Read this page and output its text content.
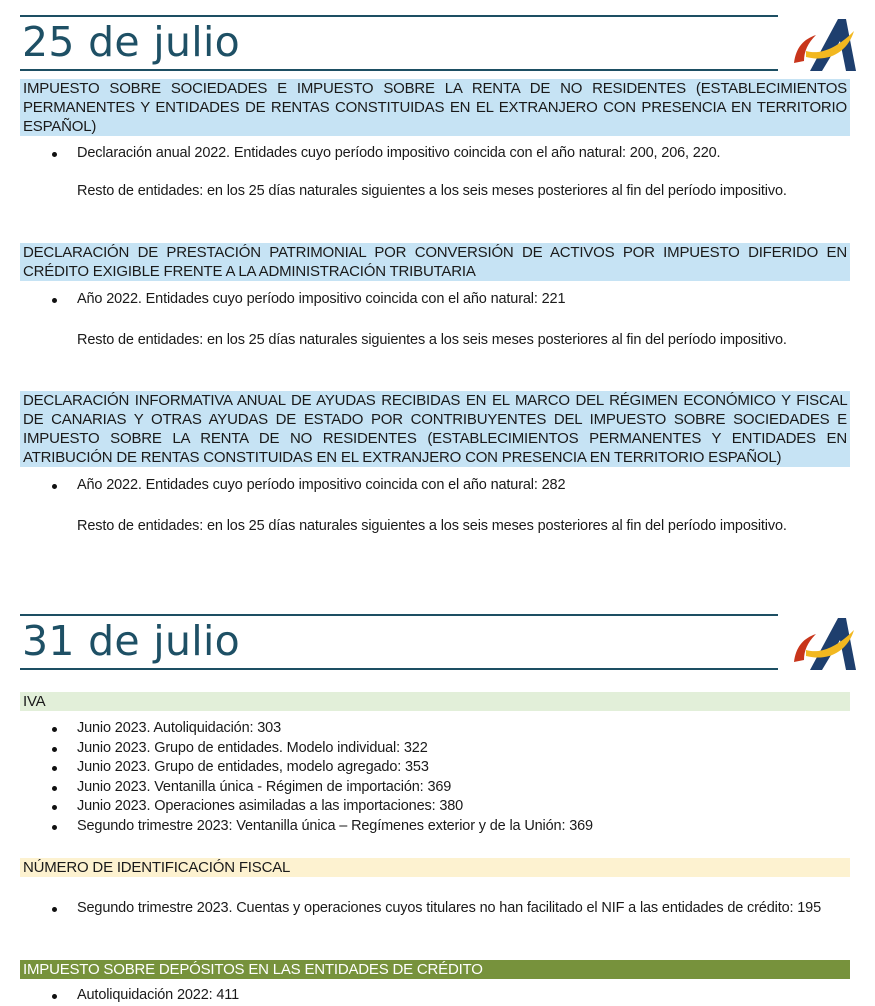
25 de julio
IMPUESTO SOBRE SOCIEDADES E IMPUESTO SOBRE LA RENTA DE NO RESIDENTES (ESTABLECIMIENTOS PERMANENTES Y ENTIDADES DE RENTAS CONSTITUIDAS EN EL EXTRANJERO CON PRESENCIA EN TERRITORIO
ESPAÑOL)
Declaración anual 2022. Entidades cuyo período impositivo coincida con el año natural: 200, 206, 220.
Resto de entidades: en los 25 días naturales siguientes a los seis meses posteriores al fin del período impositivo.
DECLARACIÓN DE PRESTACIÓN PATRIMONIAL POR CONVERSIÓN DE ACTIVOS POR IMPUESTO DIFERIDO EN
CRÉDITO EXIGIBLE FRENTE A LA ADMINISTRACIÓN TRIBUTARIA
Año 2022. Entidades cuyo período impositivo coincida con el año natural: 221
Resto de entidades: en los 25 días naturales siguientes a los seis meses posteriores al fin del período impositivo.
DECLARACIÓN INFORMATIVA ANUAL DE AYUDAS RECIBIDAS EN EL MARCO DEL RÉGIMEN ECONÓMICO Y FISCAL DE CANARIAS Y OTRAS AYUDAS DE ESTADO POR CONTRIBUYENTES DEL IMPUESTO SOBRE SOCIEDADES E IMPUESTO SOBRE LA RENTA DE NO RESIDENTES (ESTABLECIMIENTOS PERMANENTES Y ENTIDADES EN
ATRIBUCIÓN DE RENTAS CONSTITUIDAS EN EL EXTRANJERO CON PRESENCIA EN TERRITORIO ESPAÑOL)
Año 2022. Entidades cuyo período impositivo coincida con el año natural: 282
Resto de entidades: en los 25 días naturales siguientes a los seis meses posteriores al fin del período impositivo.
31 de julio
IVA
Junio 2023. Autoliquidación: 303
Junio 2023. Grupo de entidades. Modelo individual: 322
Junio 2023. Grupo de entidades, modelo agregado: 353
Junio 2023. Ventanilla única - Régimen de importación: 369
Junio 2023. Operaciones asimiladas a las importaciones: 380
Segundo trimestre 2023: Ventanilla única – Regímenes exterior y de la Unión: 369
NÚMERO DE IDENTIFICACIÓN FISCAL
Segundo trimestre 2023. Cuentas y operaciones cuyos titulares no han facilitado el NIF a las entidades de crédito: 195
IMPUESTO SOBRE DEPÓSITOS EN LAS ENTIDADES DE CRÉDITO
Autoliquidación 2022: 411
